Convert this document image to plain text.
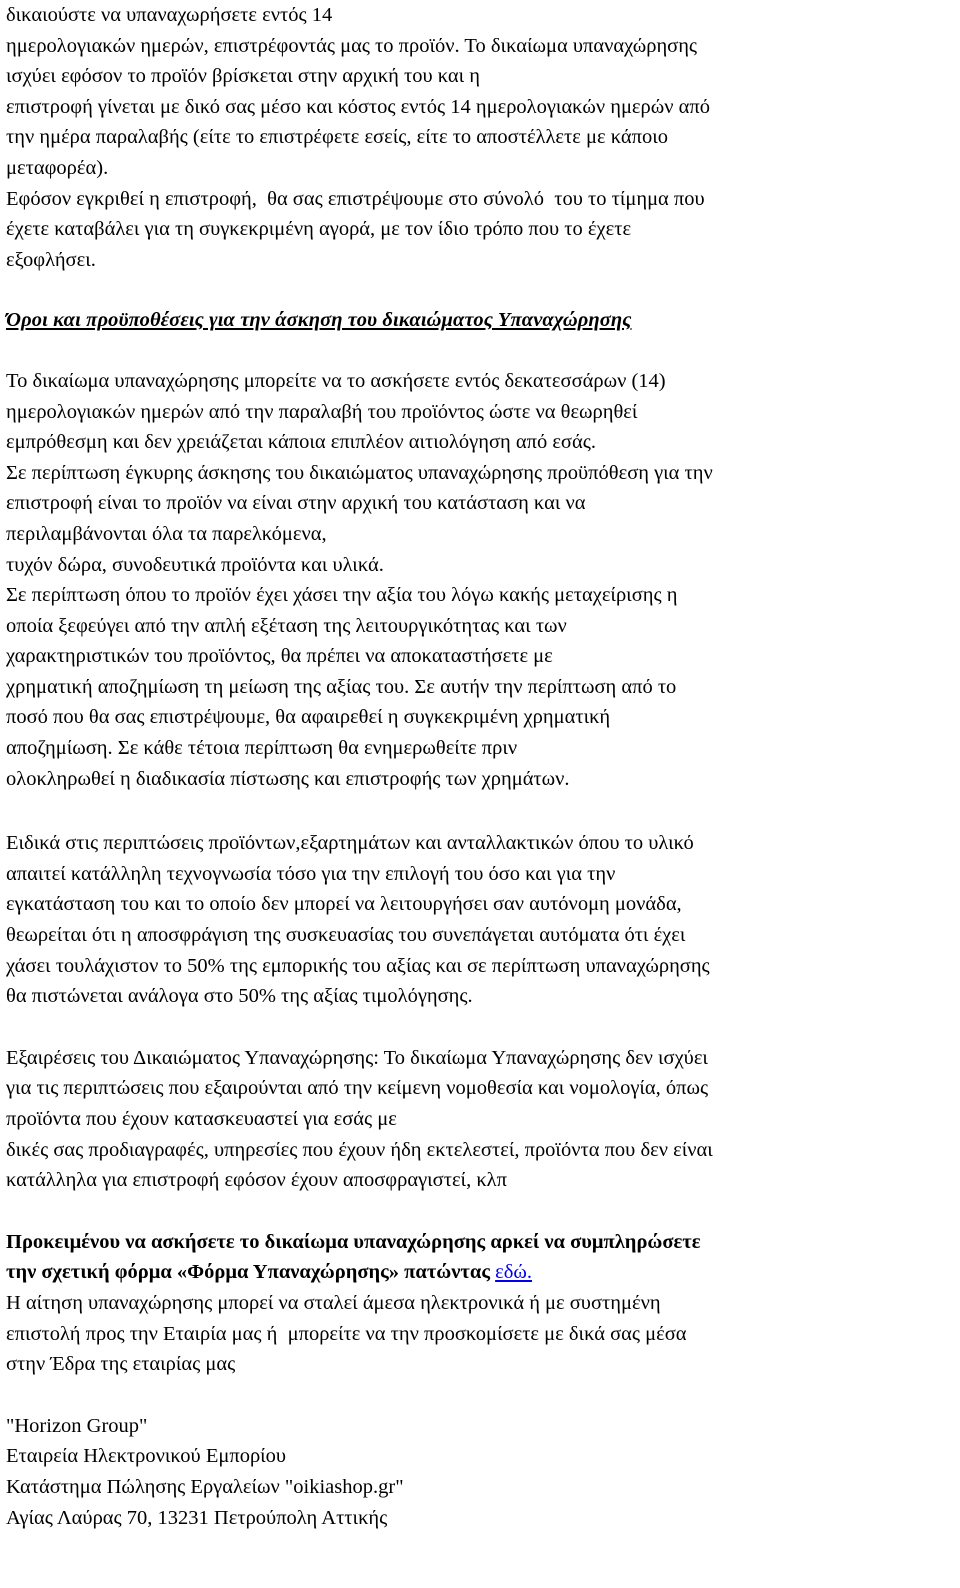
δικαιούστε να υπαναχωρήσετε εντός 14
ημερολογιακών ημερών, επιστρέφοντάς μας το προϊόν. Το δικαίωμα υπαναχώρησης
ισχύει εφόσον το προϊόν βρίσκεται στην αρχική του και η
επιστροφή γίνεται με δικό σας μέσο και κόστος εντός 14 ημερολογιακών ημερών από
την ημέρα παραλαβής (είτε το επιστρέφετε εσείς, είτε το αποστέλλετε με κάποιο
μεταφορέα).
Εφόσον εγκριθεί η επιστροφή,  θα σας επιστρέψουμε στο σύνολό  του το τίμημα που
έχετε καταβάλει για τη συγκεκριμένη αγορά, με τον ίδιο τρόπο που το έχετε
εξοφλήσει.
Όροι και προϋποθέσεις για την άσκηση του δικαιώματος Υπαναχώρησης
Το δικαίωμα υπαναχώρησης μπορείτε να το ασκήσετε εντός δεκατεσσάρων (14)
ημερολογιακών ημερών από την παραλαβή του προϊόντος ώστε να θεωρηθεί
εμπρόθεσμη και δεν χρειάζεται κάποια επιπλέον αιτιολόγηση από εσάς.
Σε περίπτωση έγκυρης άσκησης του δικαιώματος υπαναχώρησης προϋπόθεση για την
επιστροφή είναι το προϊόν να είναι στην αρχική του κατάσταση και να
περιλαμβάνονται όλα τα παρελκόμενα,
τυχόν δώρα, συνοδευτικά προϊόντα και υλικά.
Σε περίπτωση όπου το προϊόν έχει χάσει την αξία του λόγω κακής μεταχείρισης η
οποία ξεφεύγει από την απλή εξέταση της λειτουργικότητας και των
χαρακτηριστικών του προϊόντος, θα πρέπει να αποκαταστήσετε με
χρηματική αποζημίωση τη μείωση της αξίας του. Σε αυτήν την περίπτωση από το
ποσό που θα σας επιστρέψουμε, θα αφαιρεθεί η συγκεκριμένη χρηματική
αποζημίωση. Σε κάθε τέτοια περίπτωση θα ενημερωθείτε πριν
ολοκληρωθεί η διαδικασία πίστωσης και επιστροφής των χρημάτων.
Ειδικά στις περιπτώσεις προϊόντων,εξαρτημάτων και ανταλλακτικών όπου το υλικό
απαιτεί κατάλληλη τεχνογνωσία τόσο για την επιλογή του όσο και για την
εγκατάσταση του και το οποίο δεν μπορεί να λειτουργήσει σαν αυτόνομη μονάδα,
θεωρείται ότι η αποσφράγιση της συσκευασίας του συνεπάγεται αυτόματα ότι έχει
χάσει τουλάχιστον το 50% της εμπορικής του αξίας και σε περίπτωση υπαναχώρησης
θα πιστώνεται ανάλογα στο 50% της αξίας τιμολόγησης.
Εξαιρέσεις του Δικαιώματος Υπαναχώρησης: Το δικαίωμα Υπαναχώρησης δεν ισχύει
για τις περιπτώσεις που εξαιρούνται από την κείμενη νομοθεσία και νομολογία, όπως
προϊόντα που έχουν κατασκευαστεί για εσάς με
δικές σας προδιαγραφές, υπηρεσίες που έχουν ήδη εκτελεστεί, προϊόντα που δεν είναι
κατάλληλα για επιστροφή εφόσον έχουν αποσφραγιστεί, κλπ
Προκειμένου να ασκήσετε το δικαίωμα υπαναχώρησης αρκεί να συμπληρώσετε
την σχετική φόρμα «Φόρμα Υπαναχώρησης» πατώντας εδώ.
Η αίτηση υπαναχώρησης μπορεί να σταλεί άμεσα ηλεκτρονικά ή με συστημένη
επιστολή προς την Εταιρία μας ή  μπορείτε να την προσκομίσετε με δικά σας μέσα
στην Έδρα της εταιρίας μας
"Horizon Group"
Εταιρεία Ηλεκτρονικού Εμπορίου
Κατάστημα Πώλησης Εργαλείων "oikiashop.gr"
Αγίας Λαύρας 70, 13231 Πετρούπολη Αττικής
